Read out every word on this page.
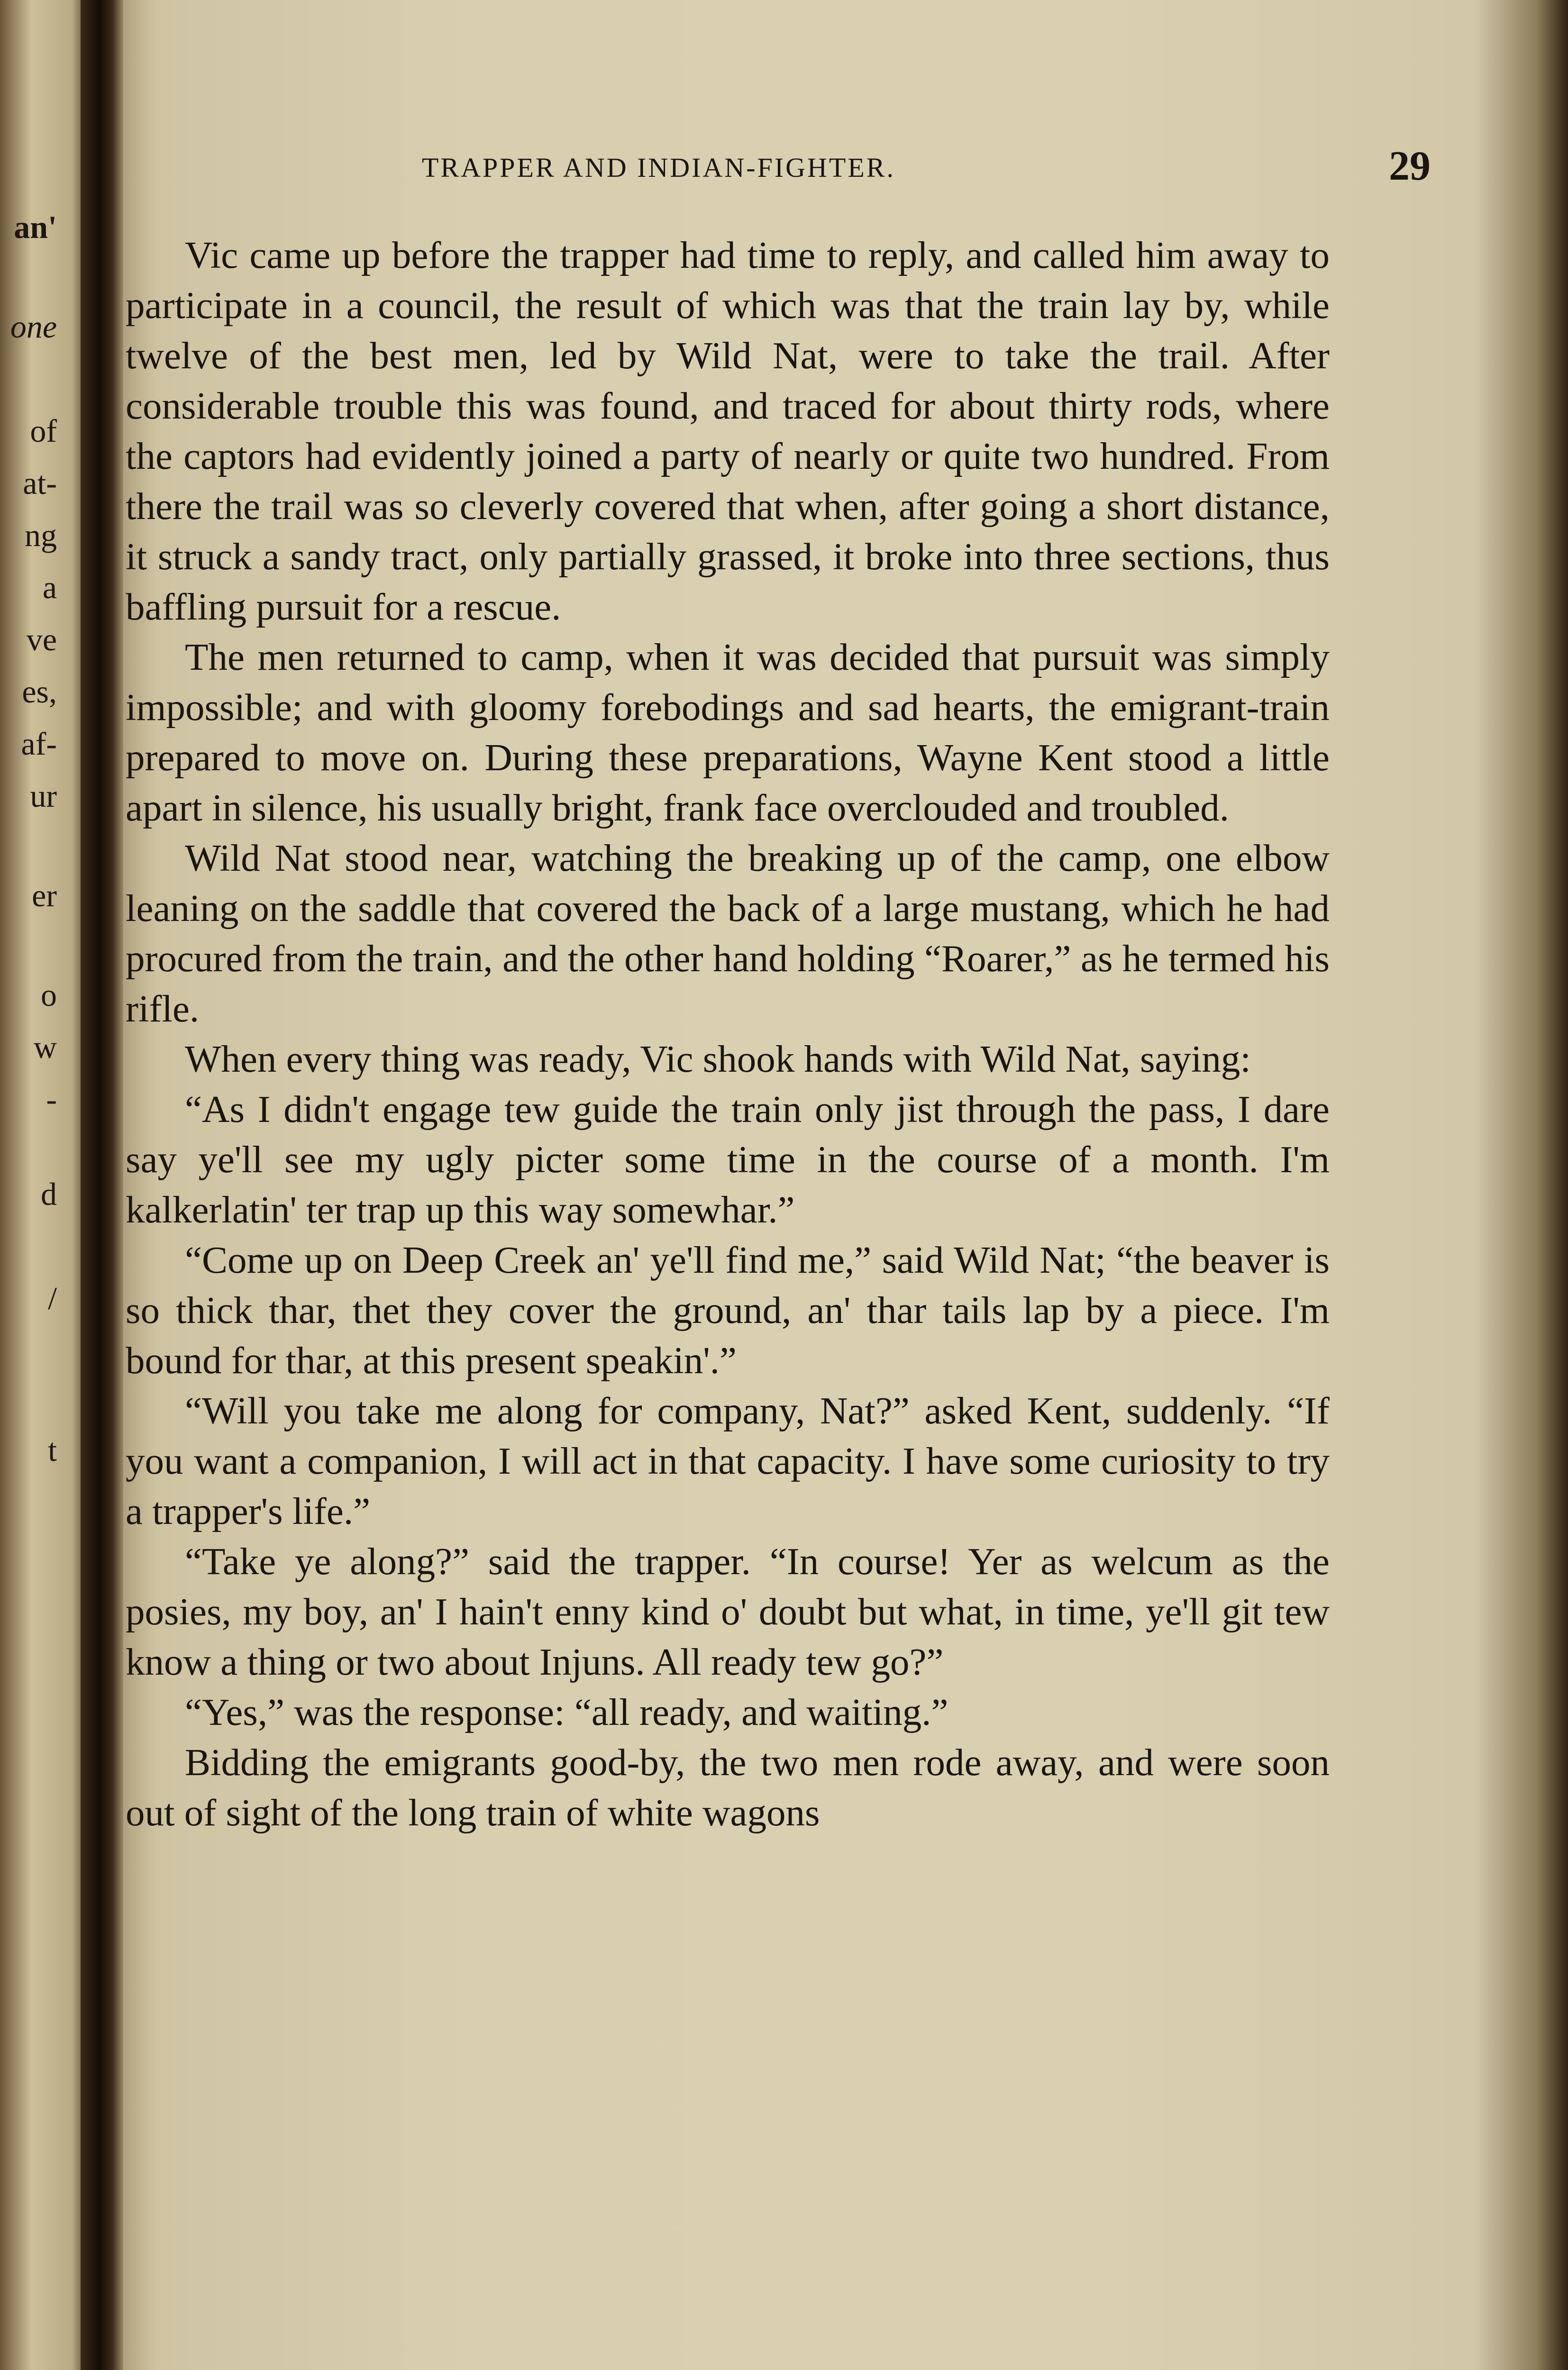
an'
one
of
at-
ng
a
ve
es,
af-
ur
er
o
w
-
d
/
t
TRAPPER AND INDIAN-FIGHTER.	29

Vic came up before the trapper had time to reply, and called him away to participate in a council, the result of which was that the train lay by, while twelve of the best men, led by Wild Nat, were to take the trail. After considerable trouble this was found, and traced for about thirty rods, where the captors had evidently joined a party of nearly or quite two hundred. From there the trail was so cleverly covered that when, after going a short distance, it struck a sandy tract, only partially grassed, it broke into three sections, thus baffling pursuit for a rescue.

The men returned to camp, when it was decided that pursuit was simply impossible; and with gloomy forebodings and sad hearts, the emigrant-train prepared to move on. During these preparations, Wayne Kent stood a little apart in silence, his usually bright, frank face overclouded and troubled.

Wild Nat stood near, watching the breaking up of the camp, one elbow leaning on the saddle that covered the back of a large mustang, which he had procured from the train, and the other hand holding “Roarer,” as he termed his rifle.

When every thing was ready, Vic shook hands with Wild Nat, saying:

“As I didn't engage tew guide the train only jist through the pass, I dare say ye'll see my ugly picter some time in the course of a month. I'm kalkerlatin' ter trap up this way somewhar.”

“Come up on Deep Creek an' ye'll find me,” said Wild Nat; “the beaver is so thick thar, thet they cover the ground, an' thar tails lap by a piece. I'm bound for thar, at this present speakin'.”

“Will you take me along for company, Nat?” asked Kent, suddenly. “If you want a companion, I will act in that capacity. I have some curiosity to try a trapper's life.”

“Take ye along?” said the trapper. “In course! Yer as welcum as the posies, my boy, an' I hain't enny kind o' doubt but what, in time, ye'll git tew know a thing or two about Injuns. All ready tew go?”

“Yes,” was the response: “all ready, and waiting.”

Bidding the emigrants good-by, the two men rode away, and were soon out of sight of the long train of white wagons
